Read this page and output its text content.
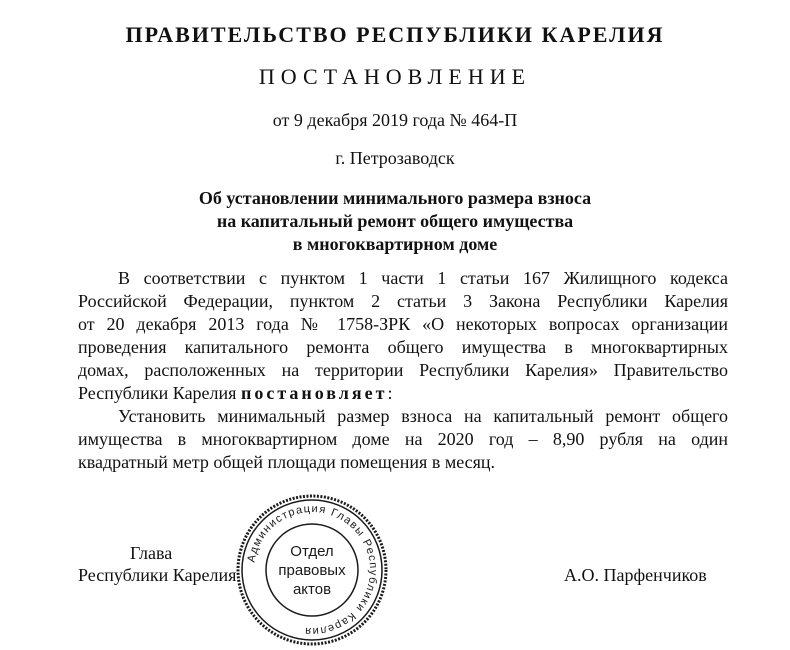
ПРАВИТЕЛЬСТВО РЕСПУБЛИКИ КАРЕЛИЯ
ПОСТАНОВЛЕНИЕ
от 9 декабря 2019 года № 464-П
г. Петрозаводск
Об установлении минимального размера взноса
на капитальный ремонт общего имущества
в многоквартирном доме
В соответствии с пунктом 1 части 1 статьи 167 Жилищного кодекса
Российской Федерации, пунктом 2 статьи 3 Закона Республики Карелия
от 20 декабря 2013 года № 1758-ЗРК «О некоторых вопросах организации
проведения капитального ремонта общего имущества в многоквартирных
домах, расположенных на территории Республики Карелия» Правительство
Республики Карелия постановляет:
Установить минимальный размер взноса на капитальный ремонт общего
имущества в многоквартирном доме на 2020 год – 8,90 рубля на один
квадратный метр общей площади помещения в месяц.
Глава
Республики Карелия	А.О. Парфенчиков
Администрация Главы Республики Карелия
Отдел
правовых
актов
